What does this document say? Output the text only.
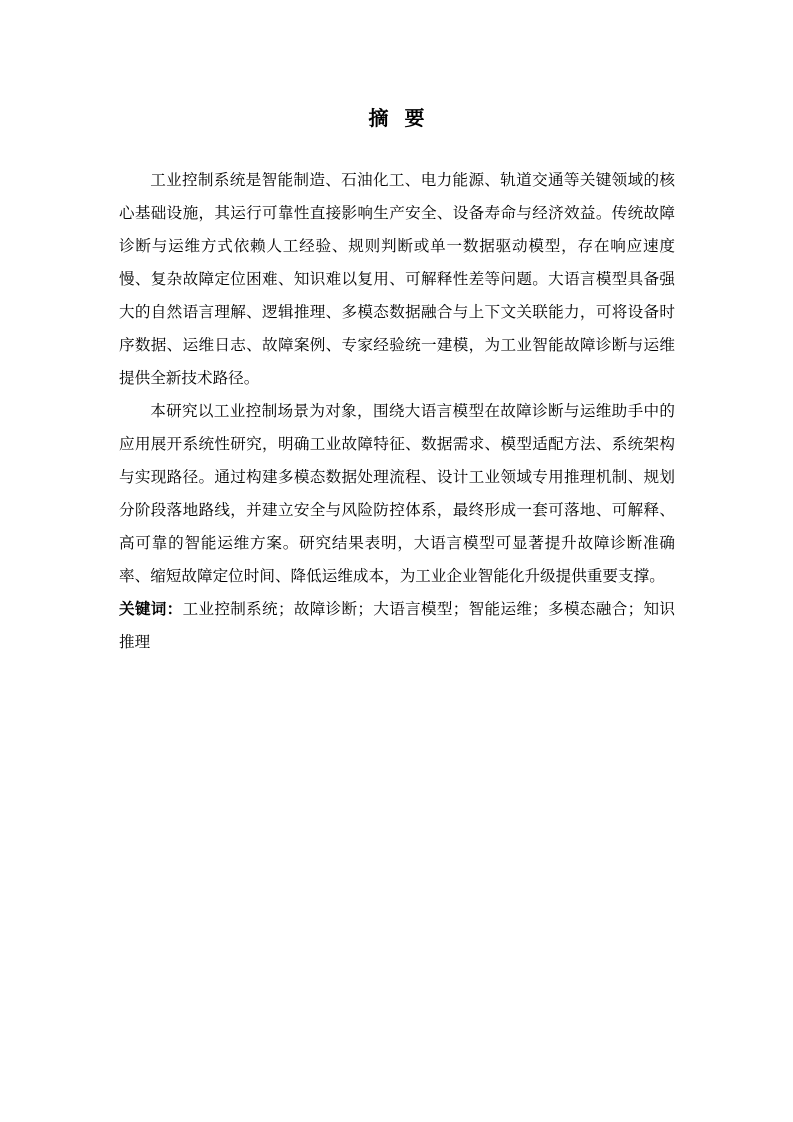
摘要

工业控制系统是智能制造、石油化工、电力能源、轨道交通等关键领域的核心基础设施，其运行可靠性直接影响生产安全、设备寿命与经济效益。传统故障诊断与运维方式依赖人工经验、规则判断或单一数据驱动模型，存在响应速度慢、复杂故障定位困难、知识难以复用、可解释性差等问题。大语言模型具备强大的自然语言理解、逻辑推理、多模态数据融合与上下文关联能力，可将设备时序数据、运维日志、故障案例、专家经验统一建模，为工业智能故障诊断与运维提供全新技术路径。

本研究以工业控制场景为对象，围绕大语言模型在故障诊断与运维助手中的应用展开系统性研究，明确工业故障特征、数据需求、模型适配方法、系统架构与实现路径。通过构建多模态数据处理流程、设计工业领域专用推理机制、规划分阶段落地路线，并建立安全与风险防控体系，最终形成一套可落地、可解释、高可靠的智能运维方案。研究结果表明，大语言模型可显著提升故障诊断准确率、缩短故障定位时间、降低运维成本，为工业企业智能化升级提供重要支撑。

关键词：工业控制系统；故障诊断；大语言模型；智能运维；多模态融合；知识推理
